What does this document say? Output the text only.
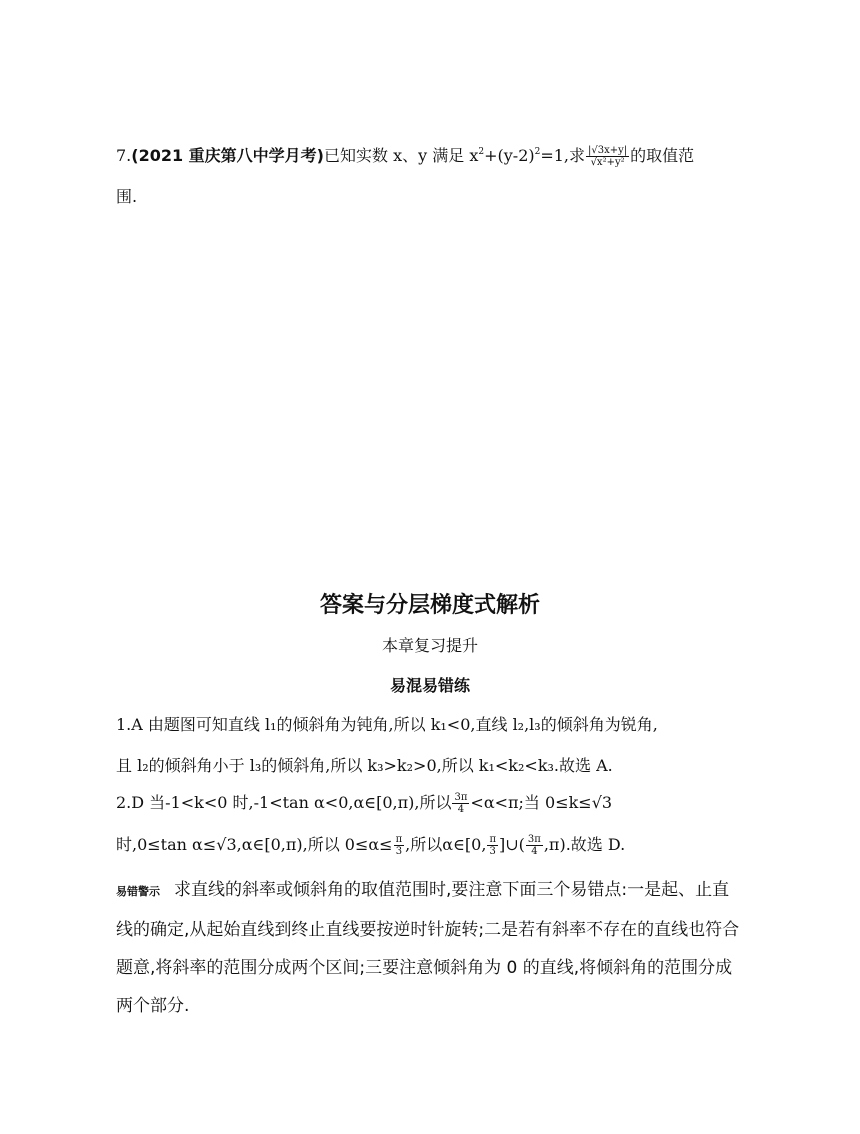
7.(2021 重庆第八中学月考)已知实数 x、y 满足 $x^2+(y-2)^2=1$,求 $\frac{|√3x+y|}{\text{√x²+y²}}$ 的取值范
围.
答案与分层梯度式解析
本章复习提升
易混易错练
1.A 由题图可知直线 l₁的倾斜角为钝角,所以 k₁<0,直线 l₂,l₃的倾斜角为锐角,
且 l₂的倾斜角小于 l₃的倾斜角,所以 k₃>k₂>0,所以 k₁<k₂<k₃.故选 A.
2.D 当-1<k<0 时,-1<tan α<0,α∈[0,π),所以 $\frac{3\pi}{4} <\alpha<\pi$;当 0≤k≤√3
时,0≤tan α≤√3,α∈[0,π),所以 $0\le\alpha\le \frac{\pi}{3}$ ,所以α∈[0, $\frac{\pi}{3}$ ]∪( $\frac{3\pi}{4} ,\pi$).故选 D.
易错警示 求直线的斜率或倾斜角的取值范围时,要注意下面三个易错点:一是起、止直线的确定,从起始直线到终止直线要按逆时针旋转;二是若有斜率不存在的直线也符合题意,将斜率的范围分成两个区间;三要注意倾斜角为 0 的直线,将倾斜角的范围分成两个部分.
